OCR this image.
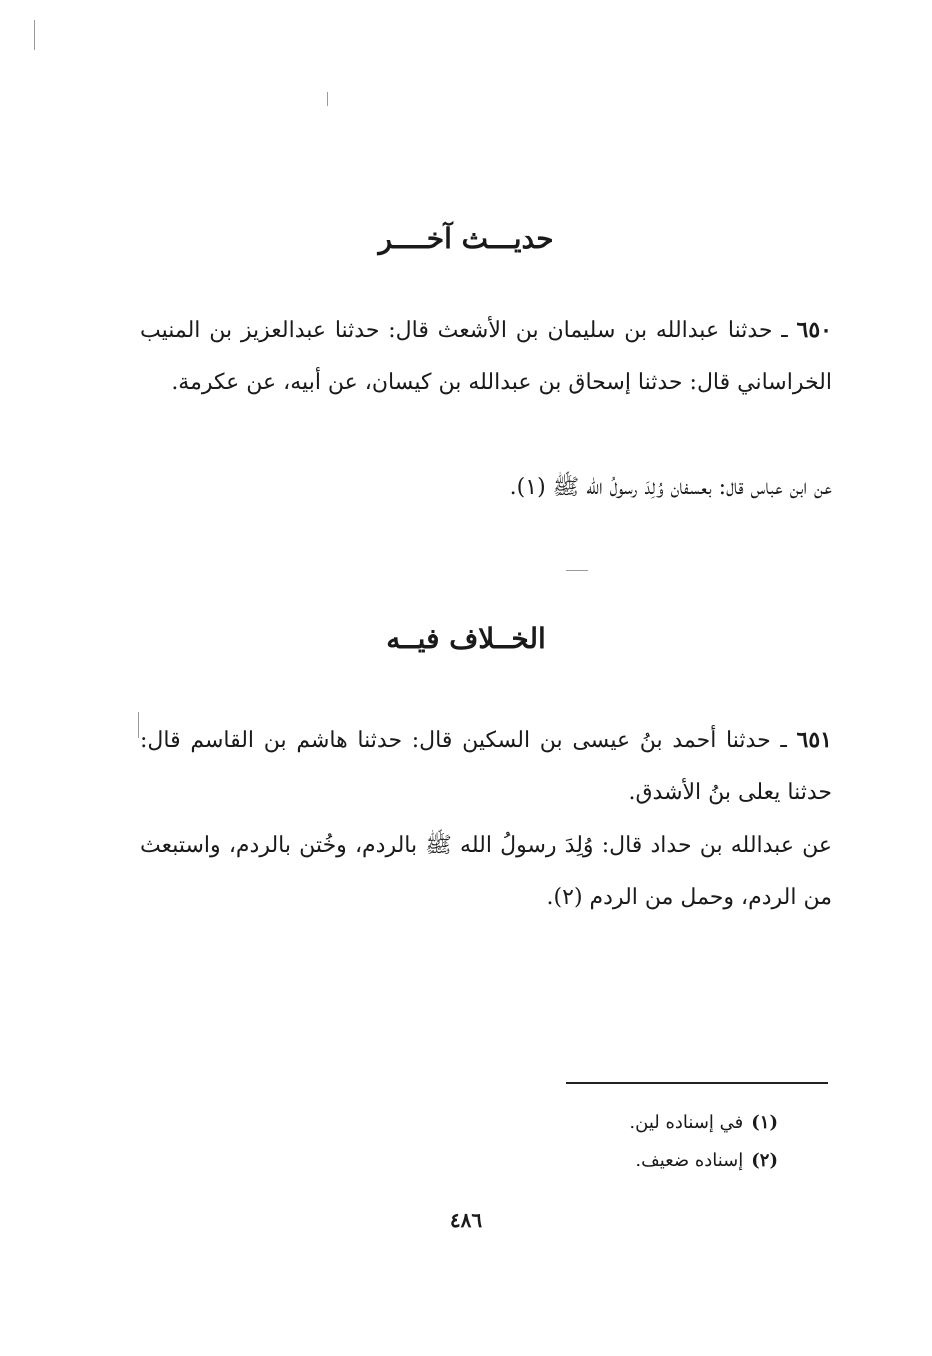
حديـــث آخــــر

٦٥٠ ـ حدثنا عبدالله بن سليمان بن الأشعث قال: حدثنا عبدالعزيز بن المنيب الخراساني قال: حدثنا إسحاق بن عبدالله بن كيسان، عن أبيه، عن عكرمة.

عن ابن عباس قال: بعسفان وُلِدَ رسولُ الله ﷺ (١).

الخــلاف فيــه

٦٥١ ـ حدثنا أحمد بنُ عيسى بن السكين قال: حدثنا هاشم بن القاسم قال: حدثنا يعلى بنُ الأشدق.

عن عبدالله بن حداد قال: وُلِدَ رسولُ الله ﷺ بالردم، وخُتن بالردم، واستبعث من الردم، وحمل من الردم (٢).

(١)في إسناده لين.
(٢)إسناده ضعيف.
٤٨٦
